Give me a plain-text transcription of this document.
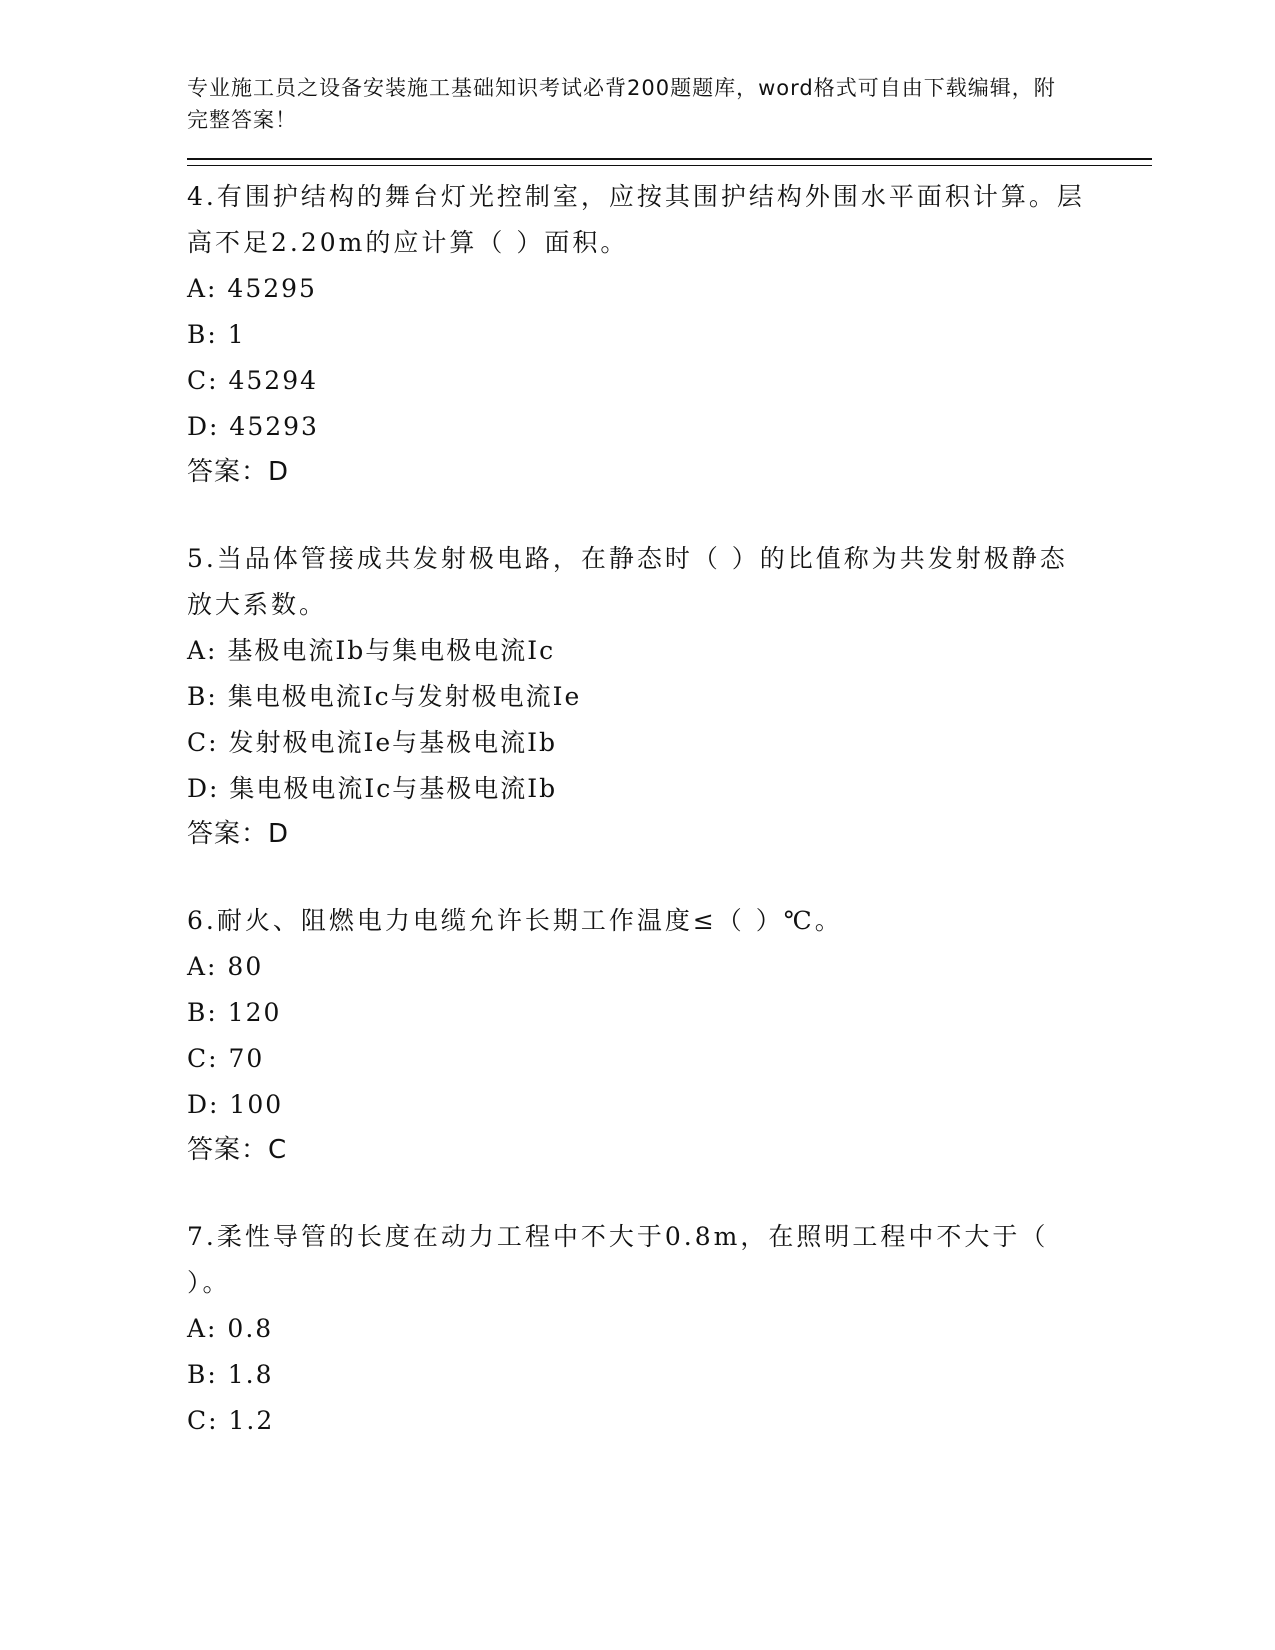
专业施工员之设备安装施工基础知识考试必背200题题库，word格式可自由下载编辑，附完整答案！
4.有围护结构的舞台灯光控制室，应按其围护结构外围水平面积计算。层高不足2.20m的应计算（ ）面积。
A: 45295
B: 1
C: 45294
D: 45293
答案：D
5.当品体管接成共发射极电路，在静态时（ ）的比值称为共发射极静态放大系数。
A: 基极电流Ib与集电极电流Ic
B: 集电极电流Ic与发射极电流Ie
C: 发射极电流Ie与基极电流Ib
D: 集电极电流Ic与基极电流Ib
答案：D
6.耐火、阻燃电力电缆允许长期工作温度≤（ ）℃。
A: 80
B: 120
C: 70
D: 100
答案：C
7.柔性导管的长度在动力工程中不大于0.8m，在照明工程中不大于（ ）。
A: 0.8
B: 1.8
C: 1.2
